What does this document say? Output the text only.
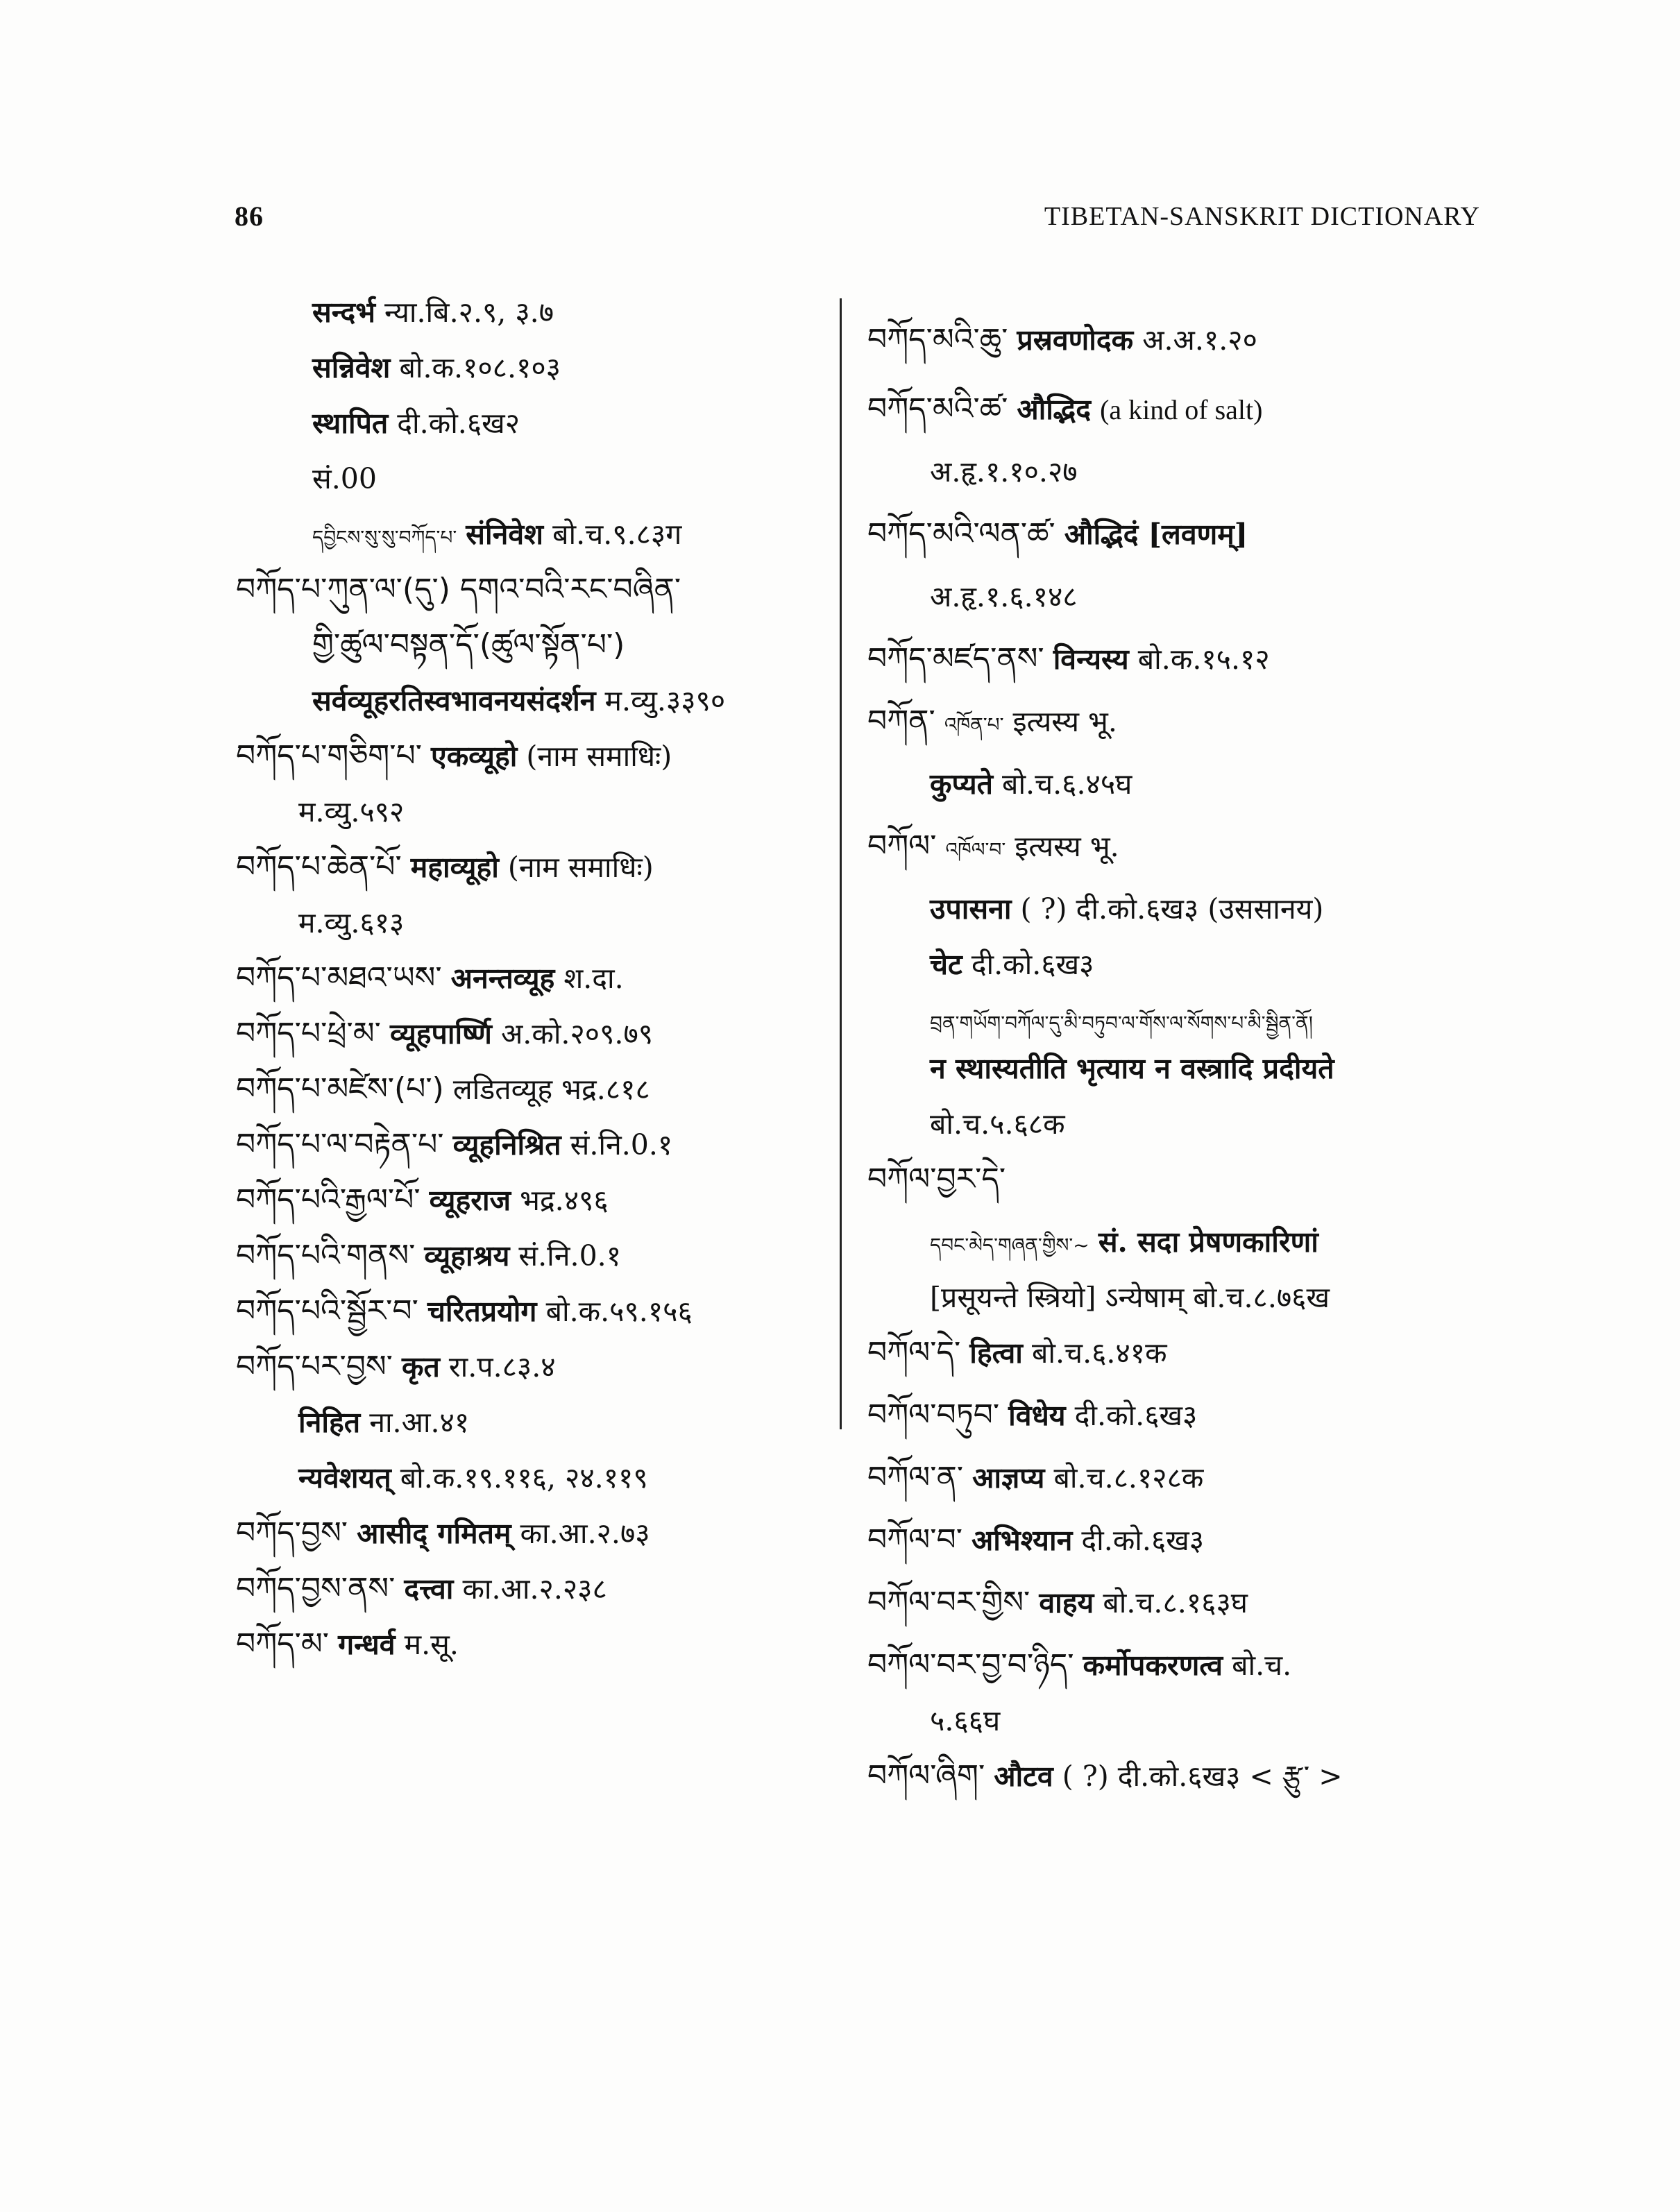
86	TIBETAN-SANSKRIT DICTIONARY
सन्दर्भ न्या.बि.२.९, ३.७
सन्निवेश बो.क.१०८.१०३
स्थापित दी.को.६ख२
सं.00
དབྱིངས་སུ་སུ་བཀོད་པ་ संनिवेश बो.च.९.८३ग
བཀོད་པ་ཀུན་ལ་(དུ་) དགའ་བའི་རང་བཞིན་
གྱི་ཚུལ་བསྟན་དོ་(ཚུལ་སྟོན་པ་)
सर्वव्यूहरतिस्वभावनयसंदर्शन म.व्यु.३३९०
བཀོད་པ་གཅིག་པ་ एकव्यूहो (नाम समाधिः)
म.व्यु.५९२
བཀོད་པ་ཆེན་པོ་ महाव्यूहो (नाम समाधिः)
म.व्यु.६१३
བཀོད་པ་མཐའ་ཡས་ अनन्तव्यूह श.दा.
བཀོད་པ་ཕྲེ་མ་ व्यूहपार्ष्णि अ.को.२०९.७९
བཀོད་པ་མཛེས་(པ་) लडितव्यूह भद्र.८१८
བཀོད་པ་ལ་བརྟེན་པ་ व्यूहनिश्रित सं.नि.0.१
བཀོད་པའི་རྒྱལ་པོ་ व्यूहराज भद्र.४९६
བཀོད་པའི་གནས་ व्यूहाश्रय सं.नि.0.१
བཀོད་པའི་སྦྱོར་བ་ चरितप्रयोग बो.क.५९.१५६
བཀོད་པར་བྱས་ कृत रा.प.८३.४
निहित ना.आ.४१
न्यवेशयत् बो.क.१९.११६, २४.११९
བཀོད་བྱས་ आसीद् गमितम् का.आ.२.७३
བཀོད་བྱས་ནས་ दत्त्वा का.आ.२.२३८
བཀོད་མ་ गन्धर्व म.सू.
བཀོད་མའི་ཆུ་ प्रस्रवणोदक अ.अ.१.२०
བཀོད་མའི་ཚ་ औद्भिद (a kind of salt)
अ.हृ.१.१०.२७
བཀོད་མའི་ལན་ཚ་ औद्भिदं [लवणम्]
अ.हृ.१.६.१४८
བཀོད་མཛད་ནས་ विन्यस्य बो.क.१५.१२
བཀོན་ འཁོན་པ་ इत्यस्य भू.
कुप्यते बो.च.६.४५घ
བཀོལ་ འཁོལ་བ་ इत्यस्य भू.
उपासना ( ?) दी.को.६ख३ (उससानय)
चेट दी.को.६ख३
བྲན་གཡོག་བཀོལ་དུ་མི་བཏུབ་ལ་གོས་ལ་སོགས་པ་མི་སྦྱིན་ནོ།
न स्थास्यतीति भृत्याय न वस्त्रादि प्रदीयते
बो.च.५.६८क
བཀོལ་བྱར་དེ་
དབང་མེད་གཞན་གྱིས་~ सं. सदा प्रेषणकारिणां
[प्रसूयन्ते स्त्रियो] ऽन्येषाम् बो.च.८.७६ख
བཀོལ་དེ་ हित्वा बो.च.६.४१क
བཀོལ་བཏུབ་ विधेय दी.को.६ख३
བཀོལ་ན་ आज्ञप्य बो.च.८.१२८क
བཀོལ་བ་ अभिश्यान दी.को.६ख३
བཀོལ་བར་གྱིས་ वाहय बो.च.८.१६३घ
བཀོལ་བར་བྱ་བ་ཉིད་ कर्मोपकरणत्व बो.च.
५.६६घ
བཀོལ་ཞིག་ औटव ( ?) दी.को.६ख३ < རྩུ་ >
